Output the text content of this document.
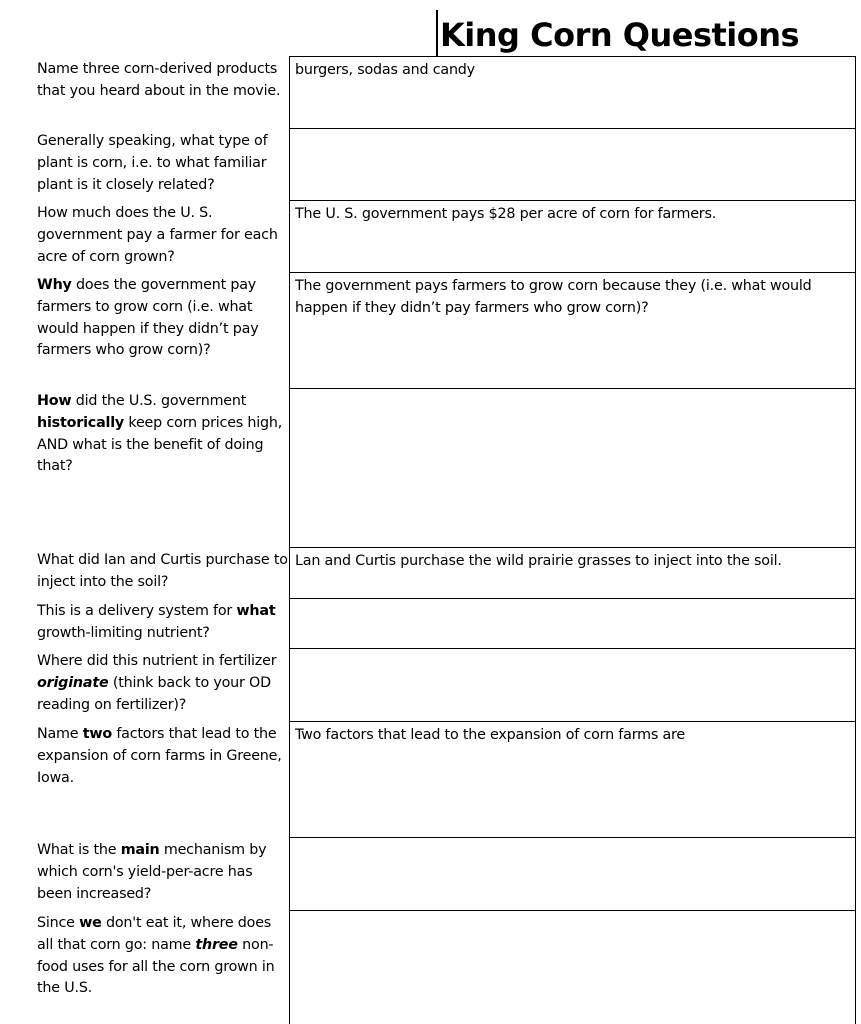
King Corn Questions
Name three corn-derived products that you heard about in the movie.
burgers, sodas and candy
Generally speaking, what type of plant is corn, i.e. to what familiar plant is it closely related?
How much does the U. S. government pay a farmer for each acre of corn grown?
The U. S. government pays $28 per acre of corn for farmers.
Why does the government pay farmers to grow corn (i.e. what would happen if they didn’t pay farmers who grow corn)?
The government pays farmers to grow corn because they (i.e. what would happen if they didn’t pay farmers who grow corn)?
How did the U.S. government historically keep corn prices high, AND what is the benefit of doing that?
What did Ian and Curtis purchase to inject into the soil?
Lan and Curtis purchase the wild prairie grasses to inject into the soil.
This is a delivery system for what growth-limiting nutrient?
Where did this nutrient in fertilizer originate (think back to your OD reading on fertilizer)?
Name two factors that lead to the expansion of corn farms in Greene, Iowa.
Two factors that lead to the expansion of corn farms are
What is the main mechanism by which corn's yield-per-acre has been increased?
Since we don't eat it, where does all that corn go: name three non-food uses for all the corn grown in the U.S.
